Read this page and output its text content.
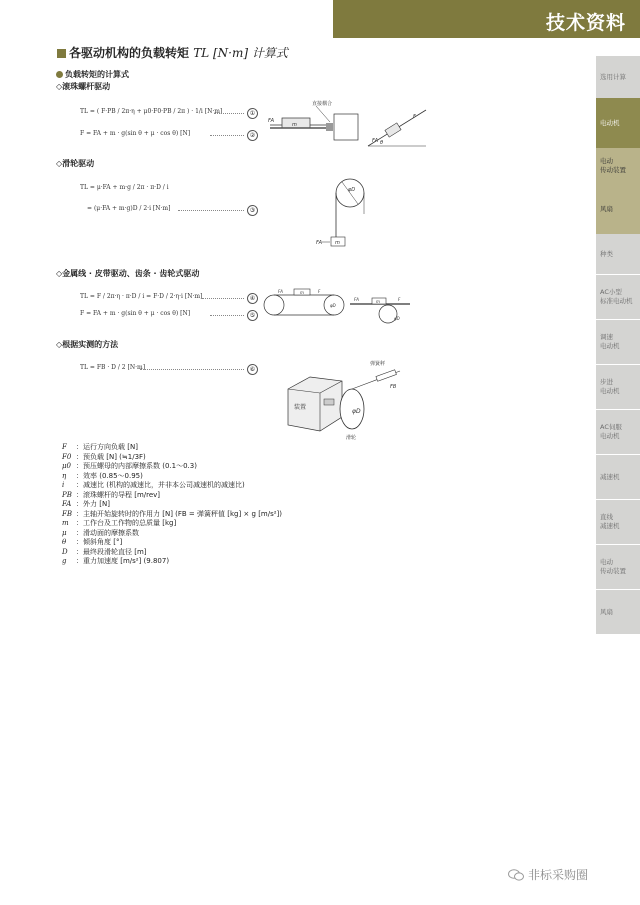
技术资料
选用计算
电动机
电动
传动装置
风扇
种类
AC小型
标准电动机
调速
电动机
步进
电动机
AC伺服
电动机
减速机
直线
减速机
电动
传动装置
风扇
各驱动机构的负载转矩 TL [N·m] 计算式
负载转矩的计算式
◇滚珠螺杆驱动
TL = ( F·PB / 2π·η + μ0·F0·PB / 2π ) · 1/i [N·m]	①
F = FA + m · g(sin θ + μ · cos θ) [N]	②
直接耦合
FA
m
FA
F
θ
◇滑轮驱动
TL = μ·FA + m·g / 2π · π·D / i
= (μ·FA + m·g)D / 2·i [N·m]	③
φD
m
FA
◇金属线 · 皮带驱动、齿条 · 齿轮式驱动
TL = F / 2π·η · π·D / i = F·D / 2·η·i [N·m]	④
F = FA + m · g(sin θ + μ · cos θ) [N]	⑤
m
FA	F
φD
m
FA	F
φD
◇根据实测的方法
TL = FB · D / 2 [N·m]	⑥
装置
φD
弹簧秤
FB
滑轮
F	：运行方向负载 [N]
F0 ：预负载 [N] (≒1/3F)
μ0 ：预压螺母的内部摩擦系数 (0.1～0.3)
η	：效率 (0.85～0.95)
i	：减速比 (机构的减速比，并非本公司减速机的减速比)
PB ：滚珠螺杆的导程 [m/rev]
FA ：外力 [N]
FB ：主轴开始旋转时的作用力 [N] (FB = 弹簧秤值 [kg] × g [m/s²])
m	：工作台及工作物的总质量 [kg]
μ	：滑动面的摩擦系数
θ	：倾斜角度 [°]
D	：最终段滑轮直径 [m]
g	：重力加速度 [m/s²] (9.807)
非标采购圈
